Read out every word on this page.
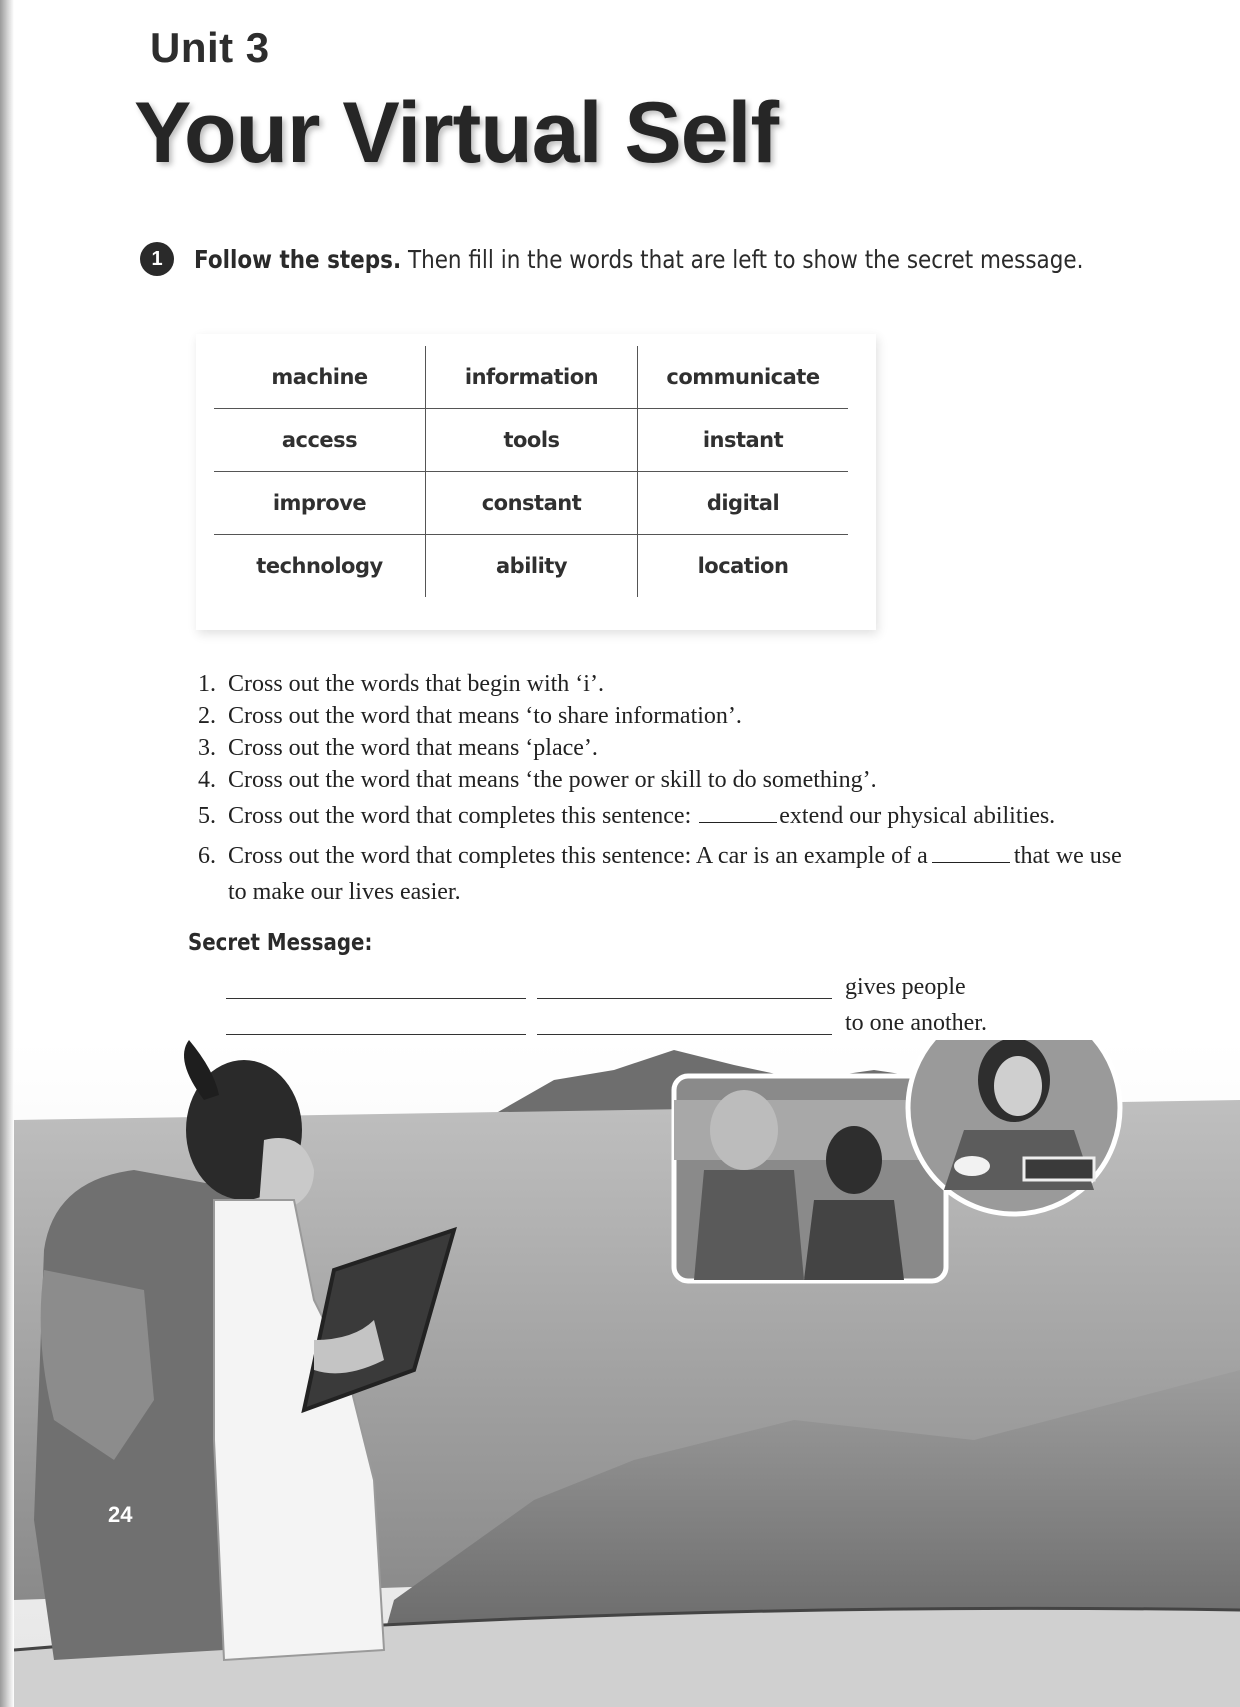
Unit 3
Your Virtual Self
1	Follow the steps. Then fill in the words that are left to show the secret message.
machine	information	communicate
access	tools	instant
improve	constant	digital
technology	ability	location
1. Cross out the words that begin with ‘i’.
2. Cross out the word that means ‘to share information’.
3. Cross out the word that means ‘place’.
4. Cross out the word that means ‘the power or skill to do something’.
5. Cross out the word that completes this sentence:	extend our physical abilities.
6. Cross out the word that completes this sentence: A car is an example of a	that we use to make our lives easier.
Secret Message:
gives people
to one another.
24
